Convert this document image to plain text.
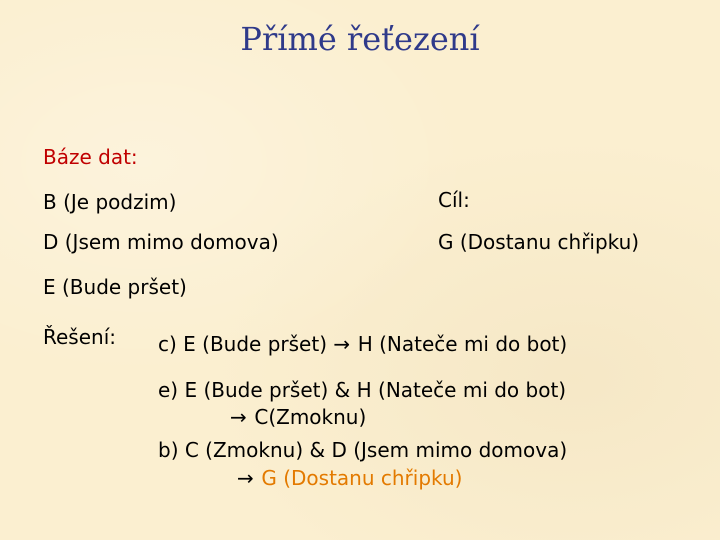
Přímé řeťezení
Báze dat:
B (Je podzim)
D (Jsem mimo domova)
E (Bude pršet)
Cíl:
G (Dostanu chřipku)
Řešení: c) E (Bude pršet) → H (Nateče mi do bot)
e) E (Bude pršet) & H (Nateče mi do bot)
→ C(Zmoknu)
b) C (Zmoknu) & D (Jsem mimo domova)
→ G (Dostanu chřipku)
